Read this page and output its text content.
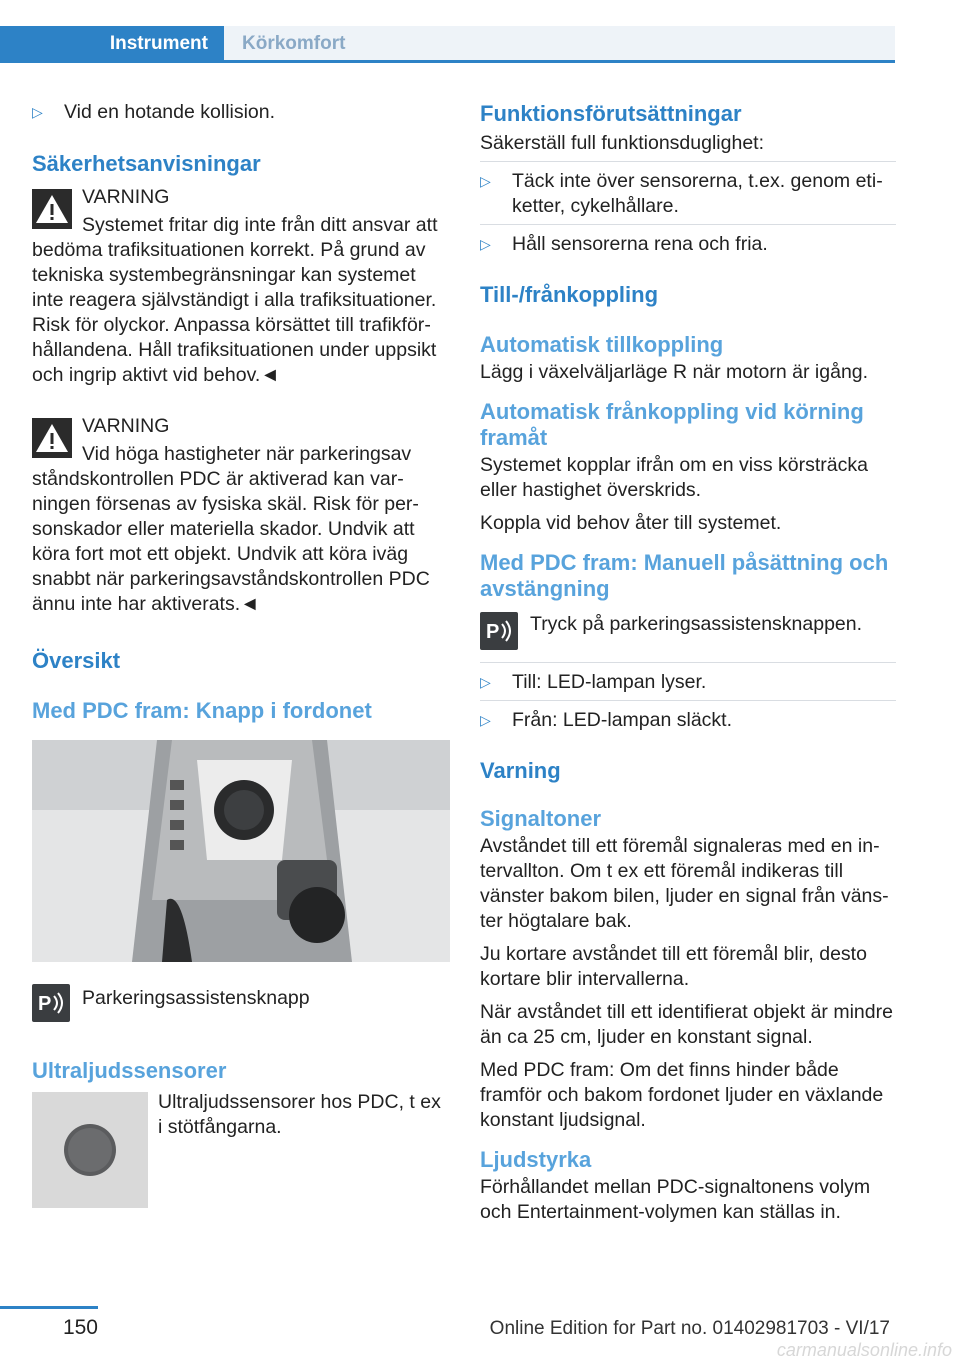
Instrument	Körkomfort
▷ Vid en hotande kollision.
Säkerhetsanvisningar
VARNING
Systemet fritar dig inte från ditt ansvar att
bedöma trafiksituationen korrekt. På grund av tekniska systembegränsningar kan systemet inte reagera självständigt i alla trafiksituationer. Risk för olyckor. Anpassa körsättet till trafikförhållandena. Håll trafiksituationen under uppsikt och ingrip aktivt vid behov.◄
VARNING
Vid höga hastigheter när parkeringsav
ståndskontrollen PDC är aktiverad kan varningen försenas av fysiska skäl. Risk för personskador eller materiella skador. Undvik att köra fort mot ett objekt. Undvik att köra iväg snabbt när parkeringsavståndskontrollen PDC ännu inte har aktiverats.◄
Översikt
Med PDC fram: Knapp i fordonet
P Parkeringsassistensknapp
Ultraljudssensorer

Ultraljudssensorer hos PDC, t ex i stötfångarna.

Funktionsförutsättningar

Säkerställ full funktionsduglighet:

▷ Täck inte över sensorerna, t.ex. genom etiketter, cykelhållare.
▷ Håll sensorerna rena och fria.
Till-/frånkoppling
Automatisk tillkoppling

Lägg i växelväljarläge R när motorn är igång.

Automatisk frånkoppling vid körning framåt

Systemet kopplar ifrån om en viss körsträcka eller hastighet överskrids.

Koppla vid behov åter till systemet.

Med PDC fram: Manuell påsättning och avstängning
P	Tryck på parkeringsassistensknappen.

▷ Till: LED-lampan lyser.
▷ Från: LED-lampan släckt.
Varning
Signaltoner

Avståndet till ett föremål signaleras med en intervallton. Om t ex ett föremål indikeras till vänster bakom bilen, ljuder en signal från vänster högtalare bak.

Ju kortare avståndet till ett föremål blir, desto kortare blir intervallerna.

När avståndet till ett identifierat objekt är mindre än ca 25 cm, ljuder en konstant signal.

Med PDC fram: Om det finns hinder både framför och bakom fordonet ljuder en växlande konstant ljudsignal.

Ljudstyrka

Förhållandet mellan PDC-signaltonens volym och Entertainment-volymen kan ställas in.

150	Online Edition for Part no. 01402981703 - VI/17
carmanualsonline.info
